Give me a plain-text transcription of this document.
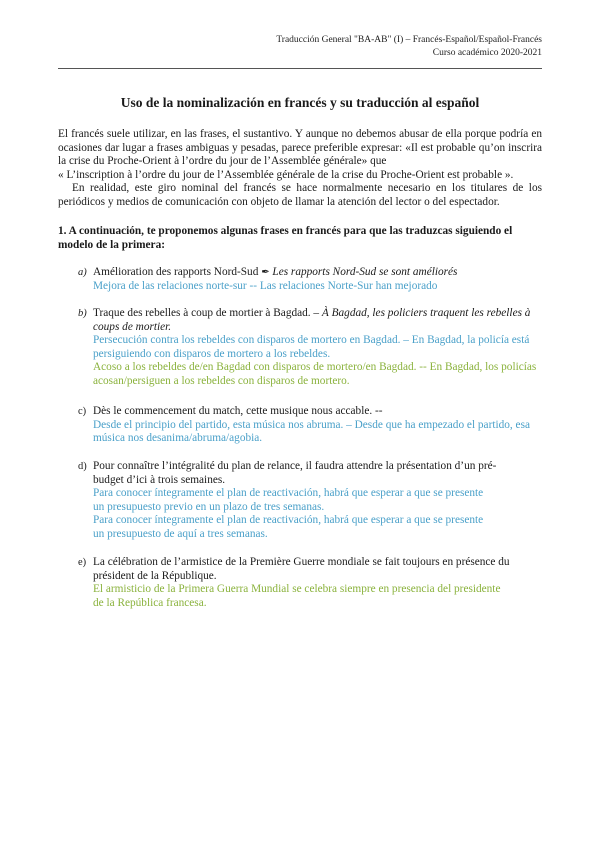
Traducción General "BA-AB" (I) – Francés-Español/Español-Francés
Curso académico 2020-2021
Uso de la nominalización en francés y su traducción al español

El francés suele utilizar, en las frases, el sustantivo. Y aunque no debemos abusar de ella porque podría en ocasiones dar lugar a frases ambiguas y pesadas, parece preferible expresar: «Il est probable qu’on inscrira la crise du Proche-Orient à l’ordre du jour de l’Assemblée générale» que
« L’inscription à l’ordre du jour de l’Assemblée générale de la crise du Proche-Orient est probable ».

En realidad, este giro nominal del francés se hace normalmente necesario en los titulares de los periódicos y medios de comunicación con objeto de llamar la atención del lector o del espectador.

1. A continuación, te proponemos algunas frases en francés para que las traduzcas siguiendo el modelo de la primera:
a) Amélioration des rapports Nord-Sud ✒ Les rapports Nord-Sud se sont améliorés
Mejora de las relaciones norte-sur -- Las relaciones Norte-Sur han mejorado
b) Traque des rebelles à coup de mortier à Bagdad. – À Bagdad, les policiers traquent les rebelles à coups de mortier.
Persecución contra los rebeldes con disparos de mortero en Bagdad. – En Bagdad, la policía está persiguiendo con disparos de mortero a los rebeldes.
Acoso a los rebeldes de/en Bagdad con disparos de mortero/en Bagdad. -- En Bagdad, los policías acosan/persiguen a los rebeldes con disparos de mortero.
c) Dès le commencement du match, cette musique nous accable. --
Desde el principio del partido, esta música nos abruma. – Desde que ha empezado el partido, esa música nos desanima/abruma/agobia.
d) Pour connaître l’intégralité du plan de relance, il faudra attendre la présentation d’un pré-
budget d’ici à trois semaines.
Para conocer íntegramente el plan de reactivación, habrá que esperar a que se presente
un presupuesto previo en un plazo de tres semanas.
Para conocer íntegramente el plan de reactivación, habrá que esperar a que se presente
un presupuesto de aquí a tres semanas.
e) La célébration de l’armistice de la Première Guerre mondiale se fait toujours en présence du
président de la République.
El armisticio de la Primera Guerra Mundial se celebra siempre en presencia del presidente
de la República francesa.
